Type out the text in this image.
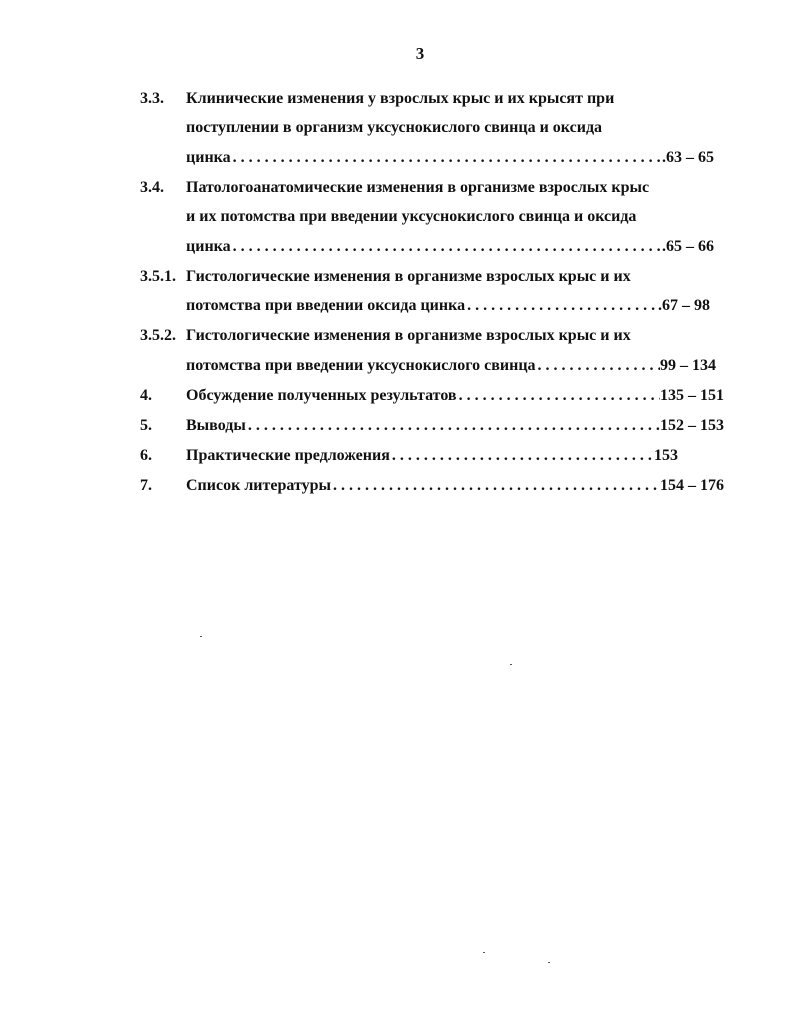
3
3.3. Клинические изменения у взрослых крыс и их крысят при
поступлении в организм уксуснокислого свинца и оксида
цинка . . .	.63 – 65
3.4. Патологоанатомические изменения в организме взрослых крыс
и их потомства при введении уксуснокислого свинца и оксида
цинка . . .	.65 – 66
3.5.1. Гистологические изменения в организме взрослых крыс и их
потомства при введении оксида цинка . . .	.67 – 98
3.5.2. Гистологические изменения в организме взрослых крыс и их
потомства при введении уксуснокислого свинца . . .	99 – 134
4. Обсуждение полученных результатов . . .	135 – 151
5. Выводы . . .	152 – 153
6. Практические предложения . . .	153
7. Список литературы . . .	154 – 176
